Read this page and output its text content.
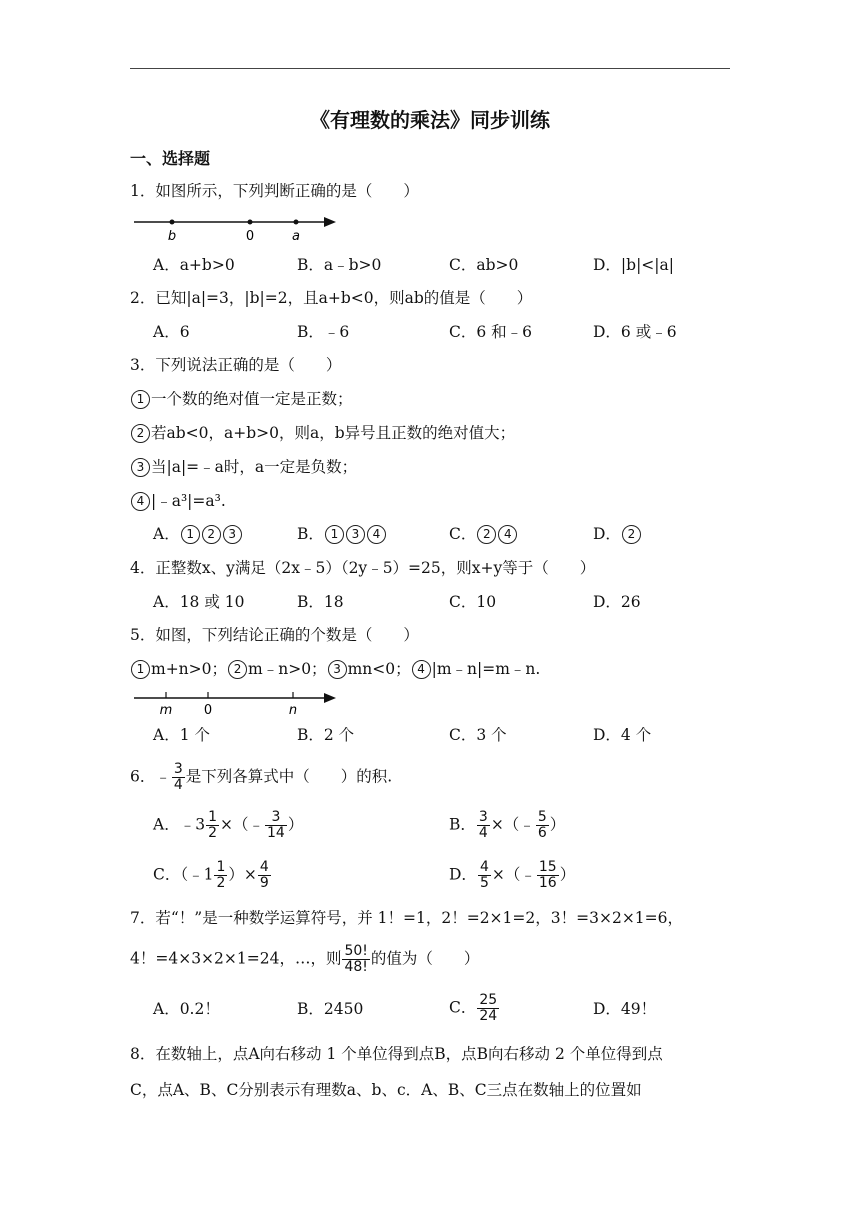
《有理数的乘法》同步训练
一、选择题
1．如图所示，下列判断正确的是（　　）
b	0	a
A．a+b>0	B．a﹣b>0	C．ab>0	D．|b|<|a|
2．已知|a|=3，|b|=2，且a+b<0，则ab的值是（　　）
A．6	B．﹣6	C．6 和﹣6	D．6 或﹣6
3．下列说法正确的是（　　）
1 一个数的绝对值一定是正数；
2 若ab<0，a+b>0，则a，b异号且正数的绝对值大；
3 当|a|=﹣a时，a一定是负数；
4 |﹣a³|=a³.
A． 1 2 3	B． 1 3 4	C． 2 4	D． 2
4．正整数x、y满足（2x﹣5）（2y﹣5）=25，则x+y等于（　　）
A．18 或 10	B．18	C．10	D．26
5．如图，下列结论正确的个数是（　　）
1 m+n>0； 2 m﹣n>0； 3 mn<0； 4 |m﹣n|=m﹣n.
m 0	n
A．1 个	B．2 个	C．3 个	D．4 个
6．﹣ $\frac{3}{4}$ 是下列各算式中（　　）的积.
A．﹣3 $\frac{1}{2}$ ×（﹣ $\frac{3}{14}$ ）	B． $\frac{3}{4}$ ×（﹣ $\frac{5}{6}$ ）
C．（﹣1 $\frac{1}{2}$ ）× $\frac{4}{9}$	D． $\frac{4}{5}$ ×（﹣ $\frac{15}{16}$ ）
7．若“！”是一种数学运算符号，并 1！=1，2！=2×1=2，3！=3×2×1=6，
4！=4×3×2×1=24，…，则 $\frac{50!}{48!}$ 的值为（　　）
A．0.2！	B．2450	C． $\frac{25}{24}$	D．49！
8．在数轴上，点A向右移动 1 个单位得到点B，点B向右移动 2 个单位得到点
C，点A、B、C分别表示有理数a、b、c．A、B、C三点在数轴上的位置如
